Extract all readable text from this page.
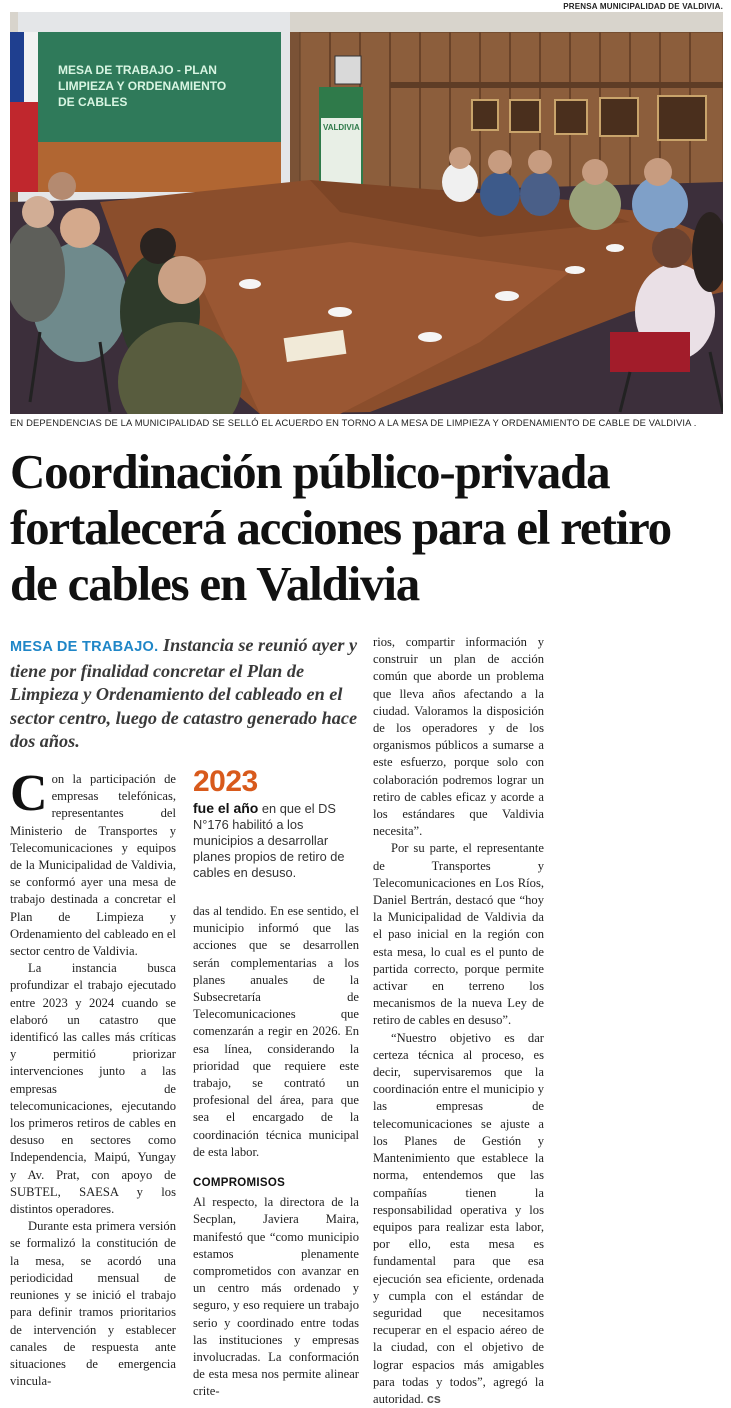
PRENSA MUNICIPALIDAD DE VALDIVIA.
MESA DE TRABAJO - PLAN
LIMPIEZA Y ORDENAMIENTO
DE CABLES
VALDIVIA
EN DEPENDENCIAS DE LA MUNICIPALIDAD SE SELLÓ EL ACUERDO EN TORNO A LA MESA DE LIMPIEZA Y ORDENAMIENTO DE CABLE DE VALDIVIA .
Coordinación público-privada fortalecerá acciones para el retiro de cables en Valdivia

MESA DE TRABAJO. Instancia se reunió ayer y tiene por finalidad concretar el Plan de Limpieza y Ordenamiento del cableado en el sector centro, luego de catastro generado hace dos años.

2023
fue el año en que el DS N°176 habilitó a los municipios a desarrollar planes propios de retiro de cables en desuso.

Con la participación de empresas telefónicas, representantes del Ministerio de Transportes y Telecomunicaciones y equipos de la Municipalidad de Valdivia, se conformó ayer una mesa de trabajo destinada a concretar el Plan de Limpieza y Ordenamiento del cableado en el sector centro de Valdivia.

La instancia busca profundizar el trabajo ejecutado entre 2023 y 2024 cuando se elaboró un catastro que identificó las calles más críticas y permitió priorizar intervenciones junto a las empresas de telecomunicaciones, ejecutando los primeros retiros de cables en desuso en sectores como Independencia, Maipú, Yungay y Av. Prat, con apoyo de SUBTEL, SAESA y los distintos operadores.

Durante esta primera versión se formalizó la constitución de la mesa, se acordó una periodicidad mensual de reuniones y se inició el trabajo para definir tramos prioritarios de intervención y establecer canales de respuesta ante situaciones de emergencia vincula-

das al tendido. En ese sentido, el municipio informó que las acciones que se desarrollen serán complementarias a los planes anuales de la Subsecretaría de Telecomunicaciones que comenzarán a regir en 2026. En esa línea, considerando la prioridad que requiere este trabajo, se contrató un profesional del área, para que sea el encargado de la coordinación técnica municipal de esta labor.

COMPROMISOS

Al respecto, la directora de la Secplan, Javiera Maira, manifestó que “como municipio estamos plenamente comprometidos con avanzar en un centro más ordenado y seguro, y eso requiere un trabajo serio y coordinado entre todas las instituciones y empresas involucradas. La conformación de esta mesa nos permite alinear crite-

rios, compartir información y construir un plan de acción común que aborde un problema que lleva años afectando a la ciudad. Valoramos la disposición de los operadores y de los organismos públicos a sumarse a este esfuerzo, porque solo con colaboración podremos lograr un retiro de cables eficaz y acorde a los estándares que Valdivia necesita”.

Por su parte, el representante de Transportes y Telecomunicaciones en Los Ríos, Daniel Bertrán, destacó que “hoy la Municipalidad de Valdivia da el paso inicial en la región con esta mesa, lo cual es el punto de partida correcto, porque permite activar en terreno los mecanismos de la nueva Ley de retiro de cables en desuso”.

“Nuestro objetivo es dar certeza técnica al proceso, es decir, supervisaremos que la coordinación entre el municipio y las empresas de telecomunicaciones se ajuste a los Planes de Gestión y Mantenimiento que establece la norma, entendemos que las compañías tienen la responsabilidad operativa y los equipos para realizar esta labor, por ello, esta mesa es fundamental para que esa ejecución sea eficiente, ordenada y cumpla con el estándar de seguridad que necesitamos recuperar en el espacio aéreo de la ciudad, con el objetivo de lograr espacios más amigables para todas y todos”, agregó la autoridad. cs
